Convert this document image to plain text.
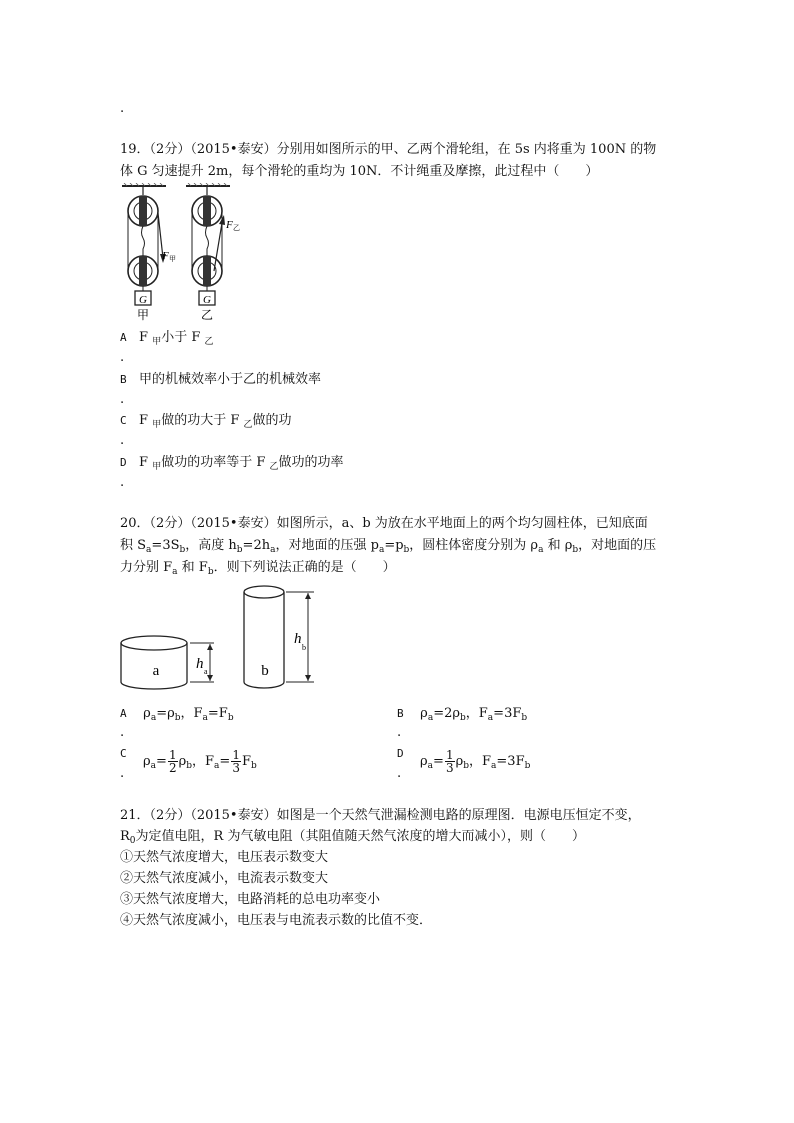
.
19．（2分）（2015•泰安）分别用如图所示的甲、乙两个滑轮组，在 5s 内将重为 100N 的物
体 G 匀速提升 2m，每个滑轮的重均为 10N．不计绳重及摩擦，此过程中（　　）
G
F 甲
甲
G
F 乙
乙
A F $_甲$小于 F $_乙$
.
B 甲的机械效率小于乙的机械效率
.
C F $_甲$做的功大于 F $_乙$做的功
.
D F $_甲$做功的功率等于 F $_乙$做功的功率
.
20．（2分）（2015•泰安）如图所示，a、b 为放在水平地面上的两个均匀圆柱体，已知底面
积 $S_a=3S_b$，高度 $h_b=2h_a$，对地面的压强 $p_a=p_b$，圆柱体密度分别为 $\rho_a$ 和 $\rho_b$，对地面的压
力分别 $F_a$ 和 $F_b$．则下列说法正确的是（　　）
a h a	b
h
b
A $\rho_a=\rho_b$，$F_a=F_b$
.
B $\rho_a=2\rho_b$，$F_a=3F_b$
.
C
$\rho_a= \frac{1}{2} \rho_b$，$F_a= \frac{1}{3} F_b$
.
D
$\rho_a= \frac{1}{3} \rho_b$，$F_a=3F_b$
.
21．（2分）（2015•泰安）如图是一个天然气泄漏检测电路的原理图．电源电压恒定不变，
$R_0$为定值电阻，R 为气敏电阻（其阻值随天然气浓度的增大而减小），则（　　）
①天然气浓度增大，电压表示数变大
②天然气浓度减小，电流表示数变大
③天然气浓度增大，电路消耗的总电功率变小
④天然气浓度减小，电压表与电流表示数的比值不变．
